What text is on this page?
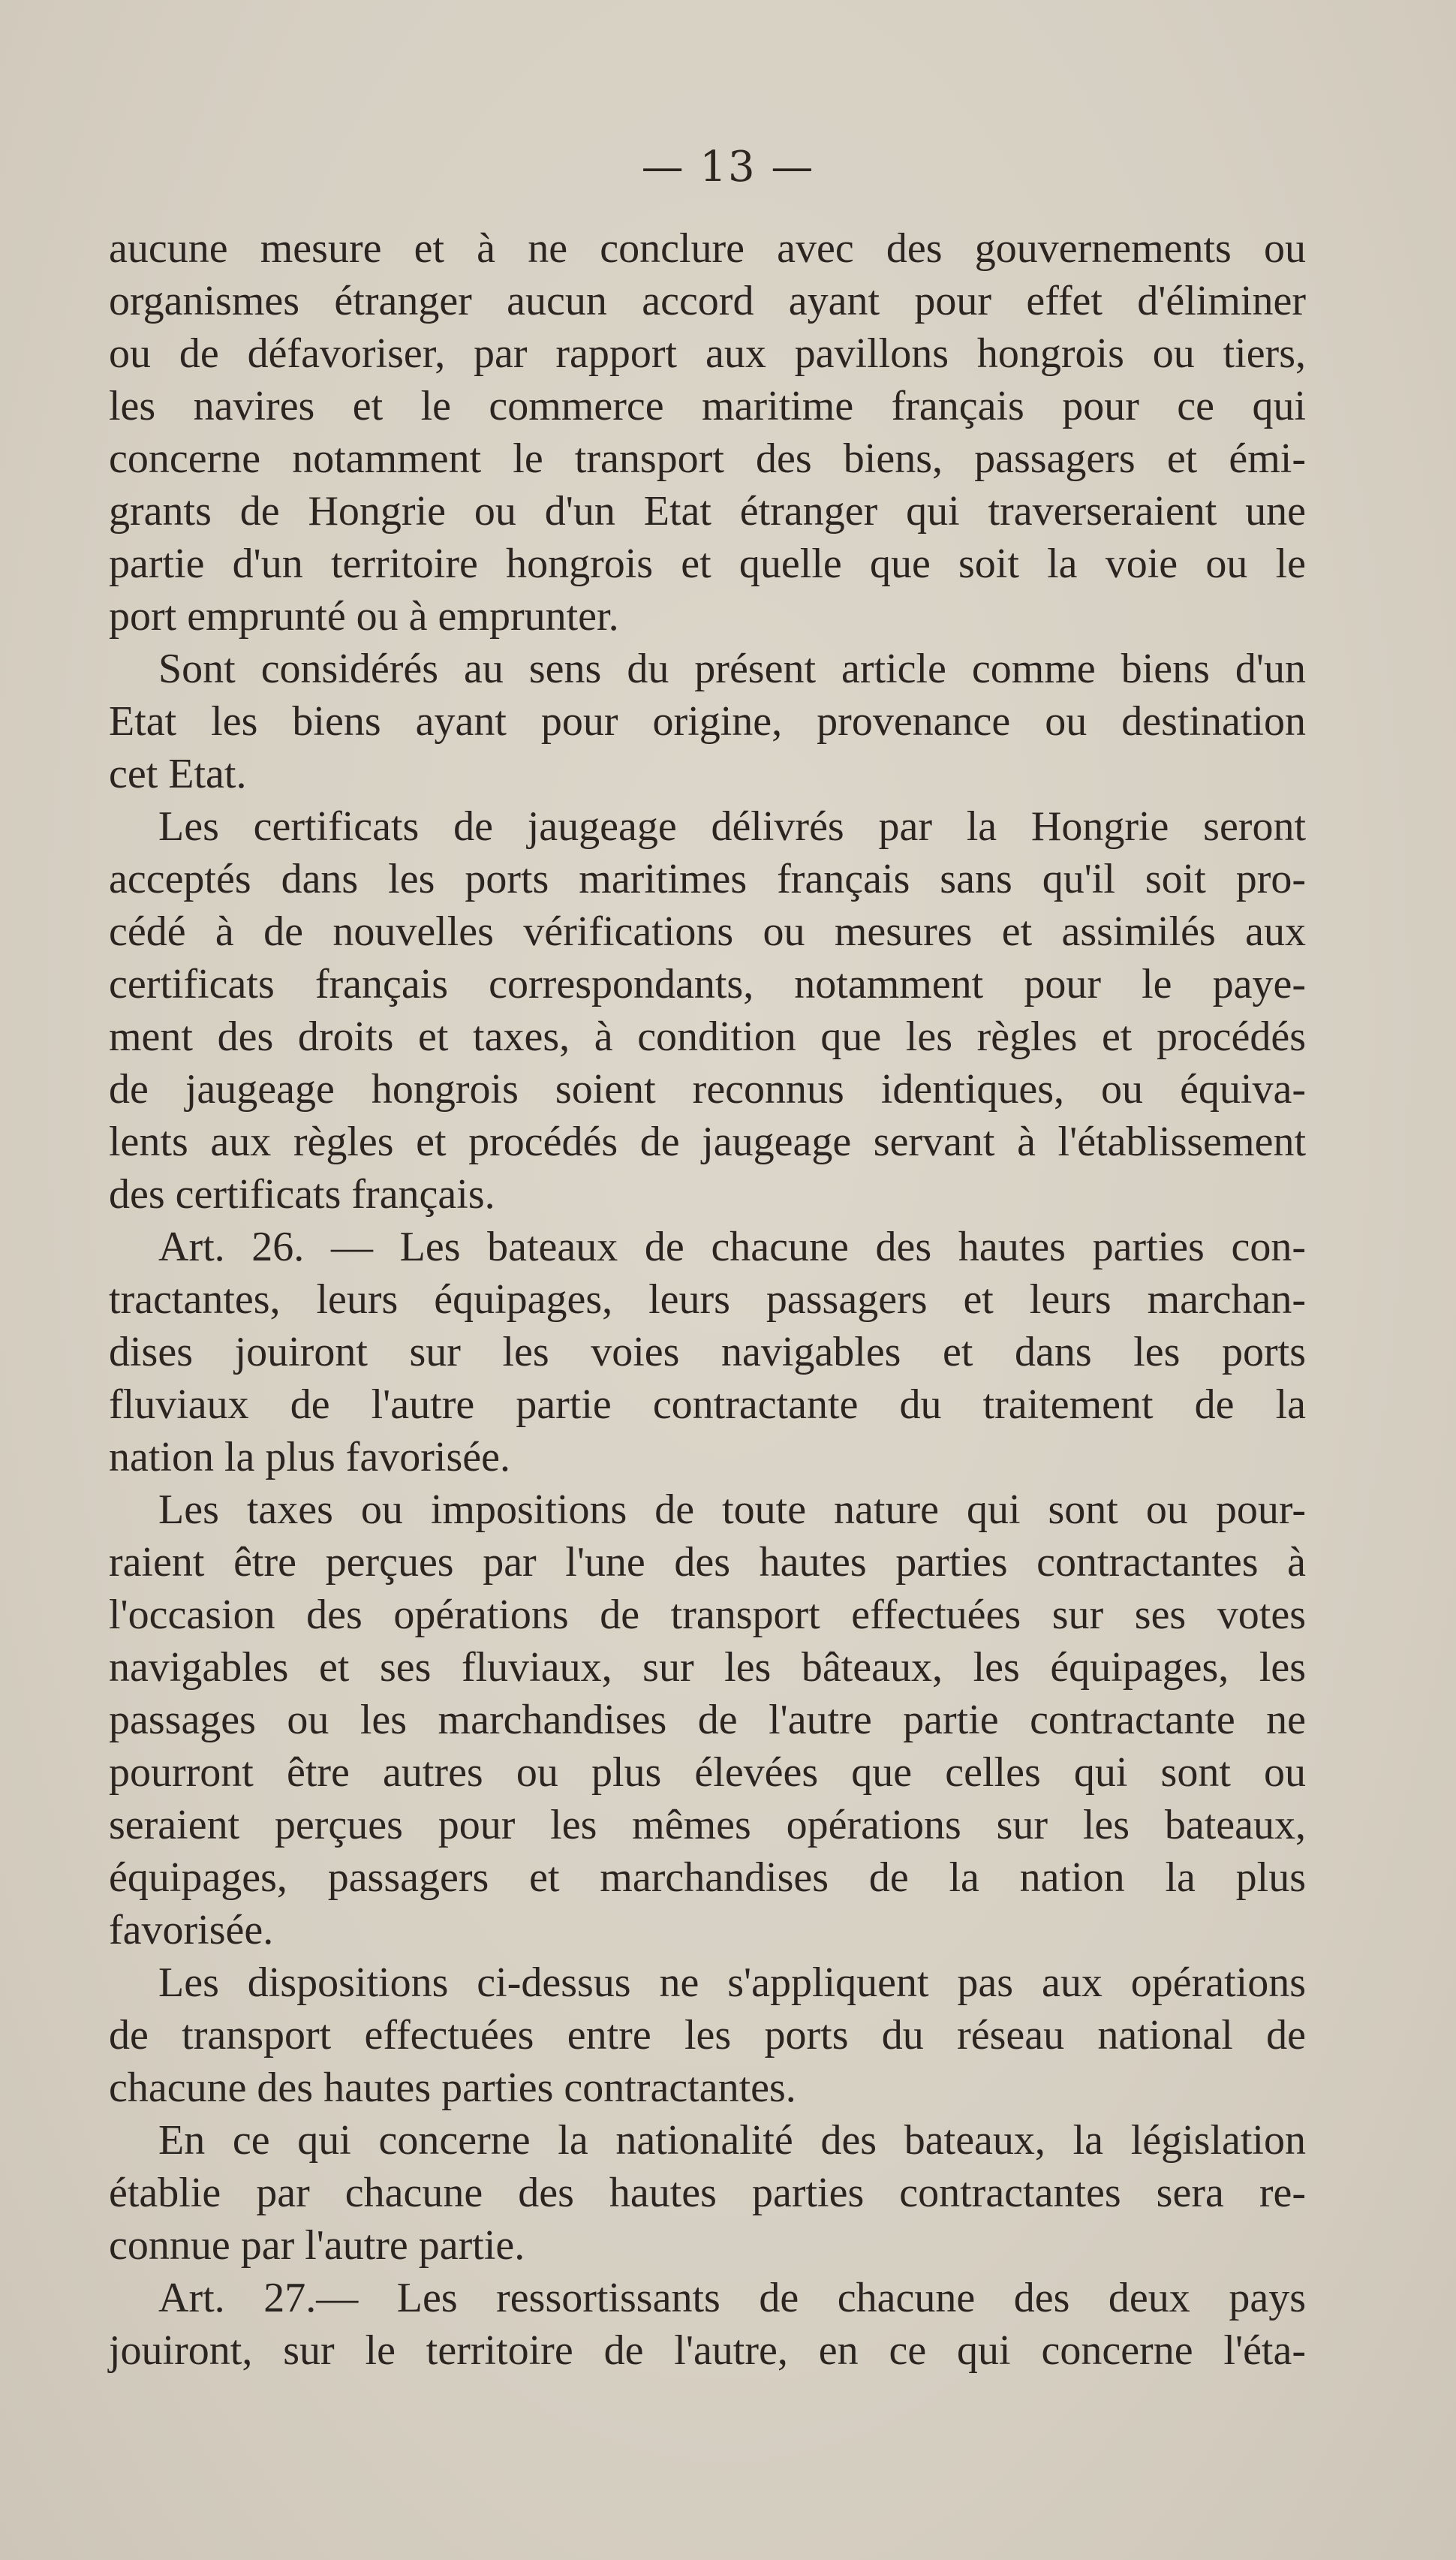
— 13 —
aucune mesure et à ne conclure avec des gouvernements ou
organismes étranger aucun accord ayant pour effet d'éliminer
ou de défavoriser, par rapport aux pavillons hongrois ou tiers,
les navires et le commerce maritime français pour ce qui
concerne notamment le transport des biens, passagers et émi-
grants de Hongrie ou d'un Etat étranger qui traverseraient une
partie d'un territoire hongrois et quelle que soit la voie ou le
port emprunté ou à emprunter.
Sont considérés au sens du présent article comme biens d'un
Etat les biens ayant pour origine, provenance ou destination
cet Etat.
Les certificats de jaugeage délivrés par la Hongrie seront
acceptés dans les ports maritimes français sans qu'il soit pro-
cédé à de nouvelles vérifications ou mesures et assimilés aux
certificats français correspondants, notamment pour le paye-
ment des droits et taxes, à condition que les règles et procédés
de jaugeage hongrois soient reconnus identiques, ou équiva-
lents aux règles et procédés de jaugeage servant à l'établissement
des certificats français.
Art. 26. — Les bateaux de chacune des hautes parties con-
tractantes, leurs équipages, leurs passagers et leurs marchan-
dises jouiront sur les voies navigables et dans les ports
fluviaux de l'autre partie contractante du traitement de la
nation la plus favorisée.
Les taxes ou impositions de toute nature qui sont ou pour-
raient être perçues par l'une des hautes parties contractantes à
l'occasion des opérations de transport effectuées sur ses votes
navigables et ses fluviaux, sur les bâteaux, les équipages, les
passages ou les marchandises de l'autre partie contractante ne
pourront être autres ou plus élevées que celles qui sont ou
seraient perçues pour les mêmes opérations sur les bateaux,
équipages, passagers et marchandises de la nation la plus
favorisée.
Les dispositions ci-dessus ne s'appliquent pas aux opérations
de transport effectuées entre les ports du réseau national de
chacune des hautes parties contractantes.
En ce qui concerne la nationalité des bateaux, la législation
établie par chacune des hautes parties contractantes sera re-
connue par l'autre partie.
Art. 27.— Les ressortissants de chacune des deux pays
jouiront, sur le territoire de l'autre, en ce qui concerne l'éta-
